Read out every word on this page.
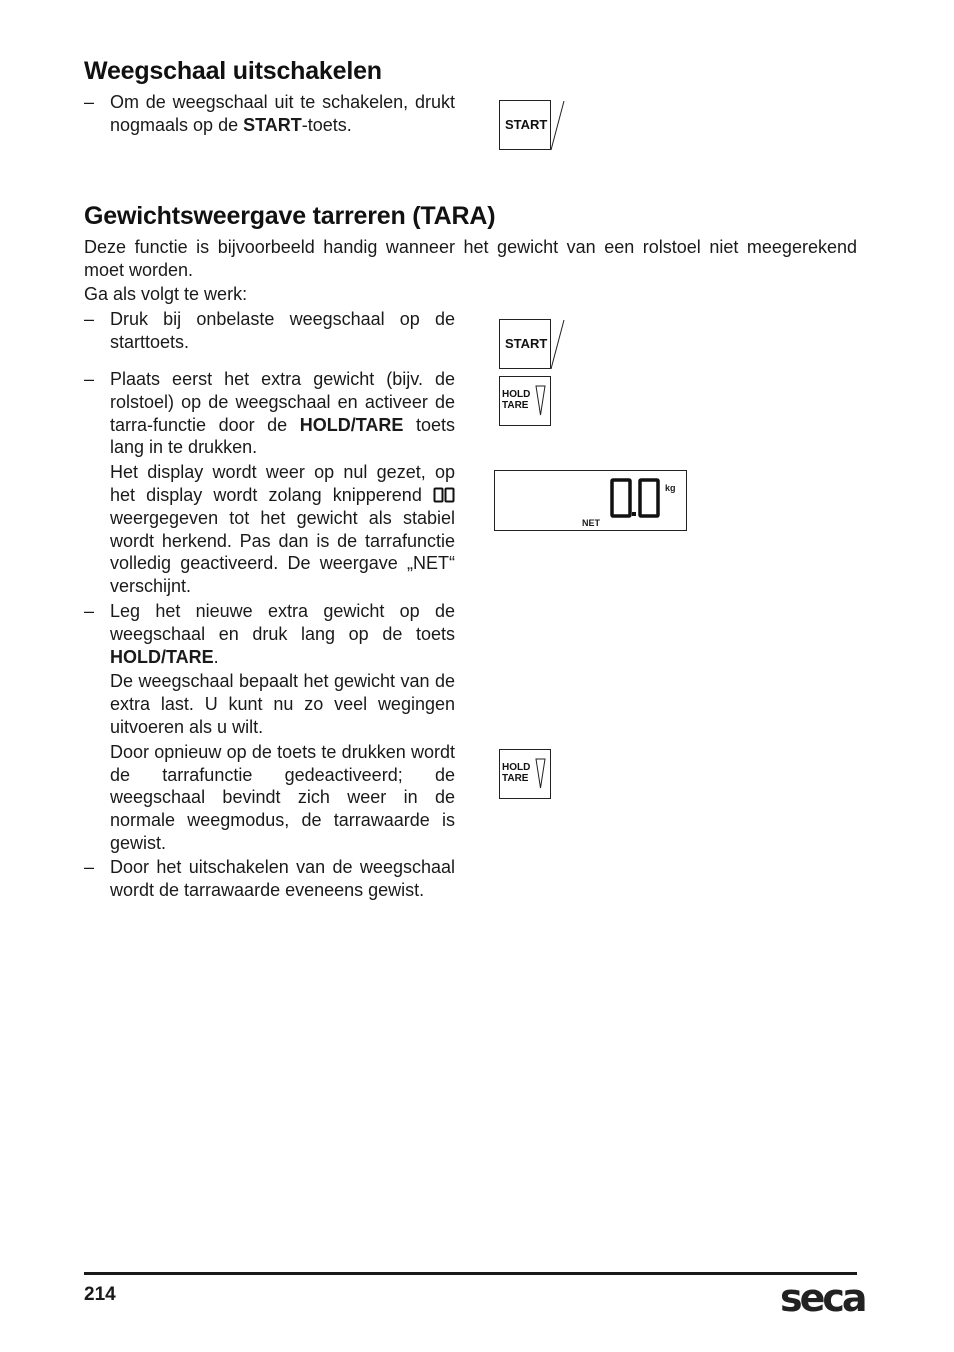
Weegschaal uitschakelen
– Om de weegschaal uit te schakelen, drukt nogmaals op de START-toets.	START
Gewichtsweergave tarreren (TARA)
Deze functie is bijvoorbeeld handig wanneer het gewicht van een rolstoel niet meegerekend moet worden.
Ga als volgt te werk:
– Druk bij onbelaste weegschaal op de starttoets.
– Plaats eerst het extra gewicht (bijv. de rolstoel) op de weegschaal en activeer de tarra-functie door de HOLD/TARE toets lang in te drukken.

Het display wordt weer op nul gezet, op het display wordt zolang knipperend  weergegeven tot het gewicht als stabiel wordt herkend. Pas dan is de tarrafunctie volledig geactiveerd. De weergave „NET“ verschijnt.

– Leg het nieuwe extra gewicht op de weegschaal en druk lang op de toets HOLD/TARE.

De weegschaal bepaalt het gewicht van de extra last. U kunt nu zo veel wegingen uitvoeren als u wilt.

Door opnieuw op de toets te drukken wordt de tarrafunctie gedeactiveerd; de weegschaal bevindt zich weer in de normale weegmodus, de tarrawaarde is gewist.

– Door het uitschakelen van de weegschaal wordt de tarrawaarde eveneens gewist.
START
HOLD
TARE
kg
NET
HOLD
TARE
214	seca
